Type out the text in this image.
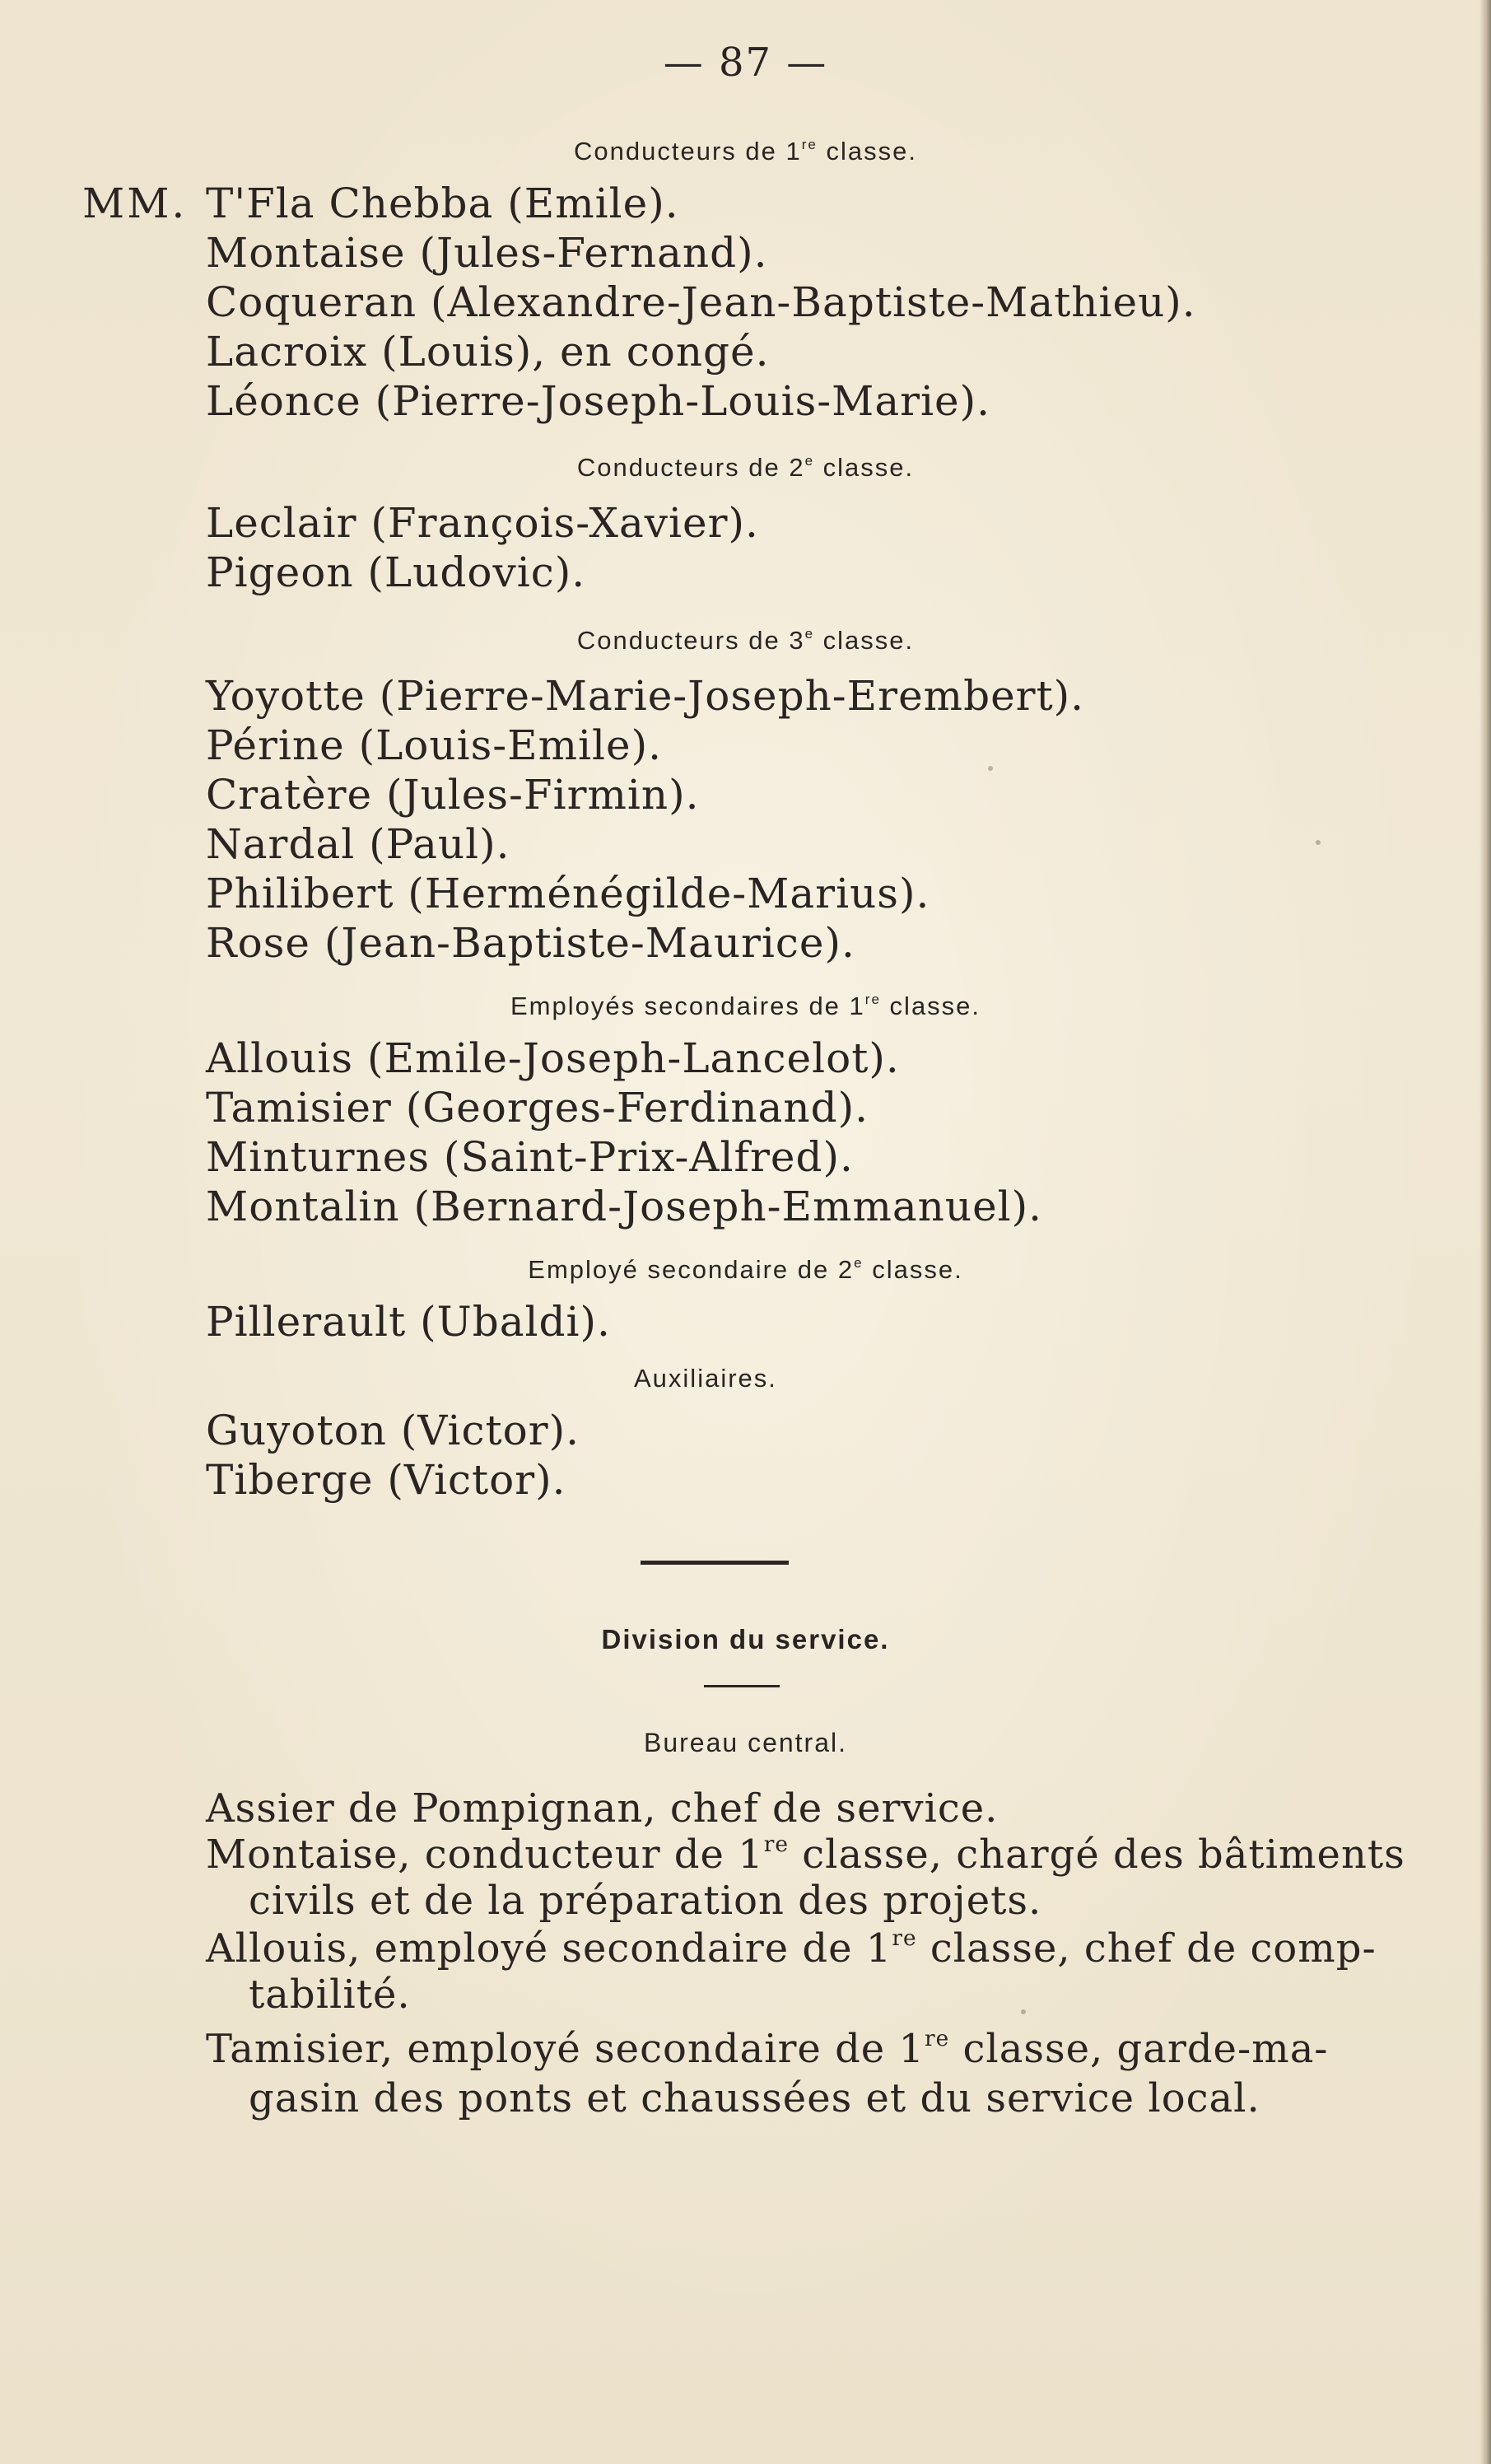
— 87 —
Conducteurs de 1re classe.
MM. T'Fla Chebba (Emile).
Montaise (Jules-Fernand).
Coqueran (Alexandre-Jean-Baptiste-Mathieu).
Lacroix (Louis), en congé.
Léonce (Pierre-Joseph-Louis-Marie).
Conducteurs de 2e classe.
Leclair (François-Xavier).
Pigeon (Ludovic).
Conducteurs de 3e classe.
Yoyotte (Pierre-Marie-Joseph-Erembert).
Périne (Louis-Emile).
Cratère (Jules-Firmin).
Nardal (Paul).
Philibert (Herménégilde-Marius).
Rose (Jean-Baptiste-Maurice).
Employés secondaires de 1re classe.
Allouis (Emile-Joseph-Lancelot).
Tamisier (Georges-Ferdinand).
Minturnes (Saint-Prix-Alfred).
Montalin (Bernard-Joseph-Emmanuel).
Employé secondaire de 2e classe.
Pillerault (Ubaldi).
Auxiliaires.
Guyoton (Victor).
Tiberge (Victor).
Division du service.
Bureau central.
Assier de Pompignan, chef de service.
Montaise, conducteur de 1re classe, chargé des bâtiments
civils et de la préparation des projets.
Allouis, employé secondaire de 1re classe, chef de comp-
tabilité.
Tamisier, employé secondaire de 1re classe, garde-ma-
gasin des ponts et chaussées et du service local.
